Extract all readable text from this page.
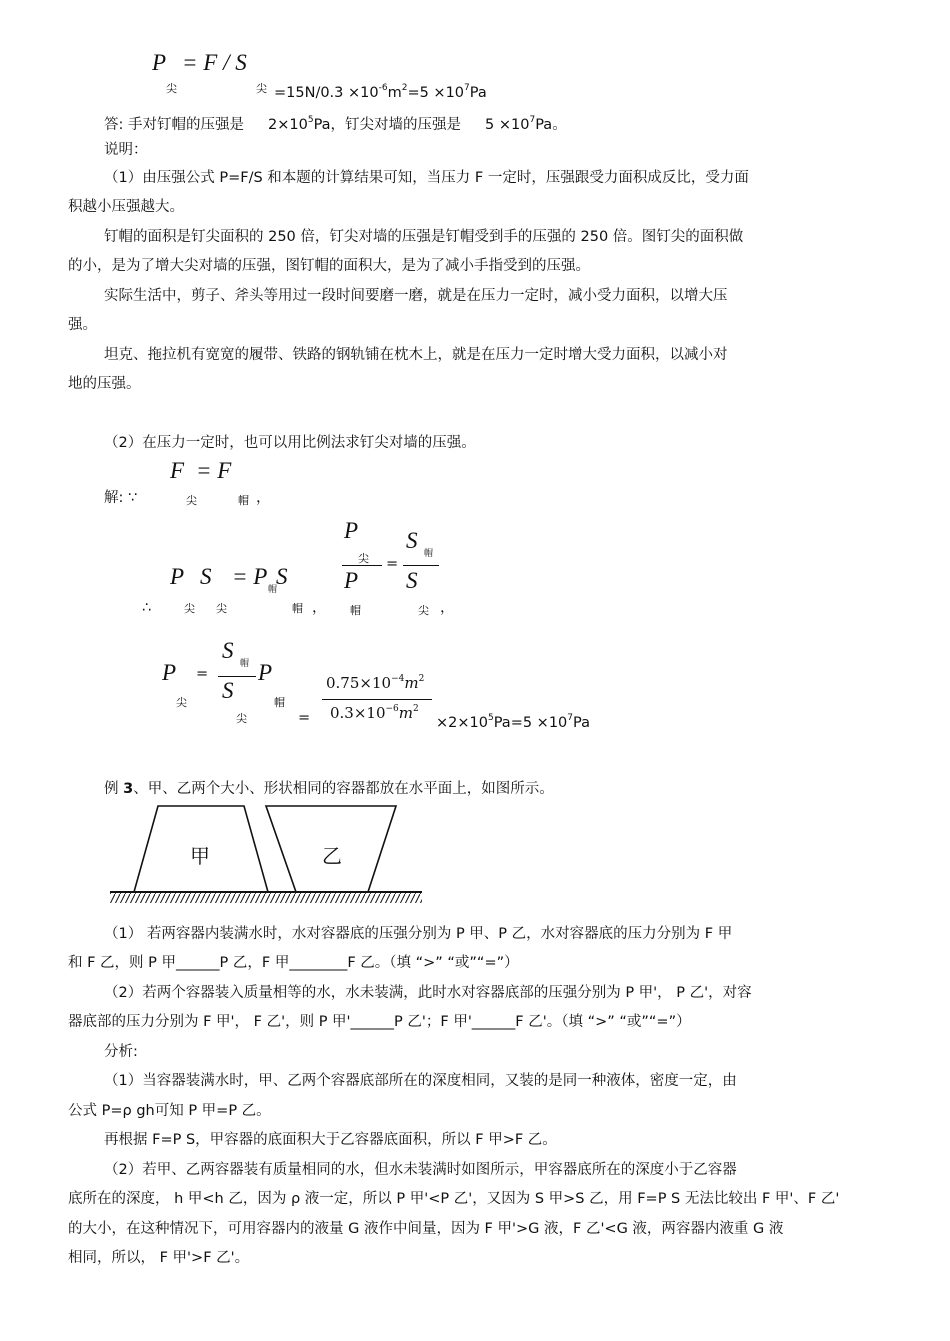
P = F / S
尖	尖 $=15N/0.3 \times 10^{-6}m^2=5 \times 10^7Pa$
答: 手对钉帽的压强是 $2\times 10^5Pa$，钉尖对墙的压强是 $5 \times 10^7Pa$。
说明：
（1）由压强公式 P=F/S 和本题的计算结果可知，当压力 F 一定时，压强跟受力面积成反比，受力面
积越小压强越大。
钉帽的面积是钉尖面积的 250 倍，钉尖对墙的压强是钉帽受到手的压强的 250 倍。图钉尖的面积做
的小，是为了增大尖对墙的压强，图钉帽的面积大，是为了减小手指受到的压强。
实际生活中，剪子、斧头等用过一段时间要磨一磨，就是在压力一定时，减小受力面积，以增大压
强。
坦克、拖拉机有宽宽的履带、铁路的钢轨铺在枕木上，就是在压力一定时增大受力面积，以减小对
地的压强。
（2）在压力一定时，也可以用比例法求钉尖对墙的压强。
F = F
解: ∵	尖	帽 ，
∴
P S = P
帽
S
尖 尖	帽 ，
P
尖
P
帽
=
S
帽
S
尖 ，
P
尖
=
S
帽
S
尖
P
帽
=
$0.75\times 10^{-4}m^2$
$0.3\times 10^{-6}m^2$
$\times 2\times 10^5Pa=5 \times 10^7Pa$
例 3、甲、乙两个大小、形状相同的容器都放在水平面上，如图所示。
甲	乙
（1） 若两容器内装满水时，水对容器底的压强分别为 P 甲、P 乙，水对容器底的压力分别为 F 甲
和 F 乙，则 P 甲______P 乙，F 甲________F 乙。（填 “>” “或”“=”）
（2）若两个容器装入质量相等的水，水未装满，此时水对容器底部的压强分别为 P 甲'， P 乙'，对容
器底部的压力分别为 F 甲'， F 乙'，则 P 甲'______P 乙'；F 甲'______F 乙'。（填 “>” “或”“=”）
分析:
（1）当容器装满水时，甲、乙两个容器底部所在的深度相同，又装的是同一种液体，密度一定，由
公式 P=ρ gh可知 P 甲=P 乙。
再根据 F=P S，甲容器的底面积大于乙容器底面积，所以 F 甲>F 乙。
（2）若甲、乙两容器装有质量相同的水，但水未装满时如图所示，甲容器底所在的深度小于乙容器
底所在的深度， h 甲<h 乙，因为 ρ 液一定，所以 P 甲'<P 乙'，又因为 S 甲>S 乙，用 F=P S 无法比较出 F 甲'、F 乙'
的大小，在这种情况下，可用容器内的液量 G 液作中间量，因为 F 甲'>G 液，F 乙'<G 液，两容器内液重 G 液
相同，所以， F 甲'>F 乙'。
